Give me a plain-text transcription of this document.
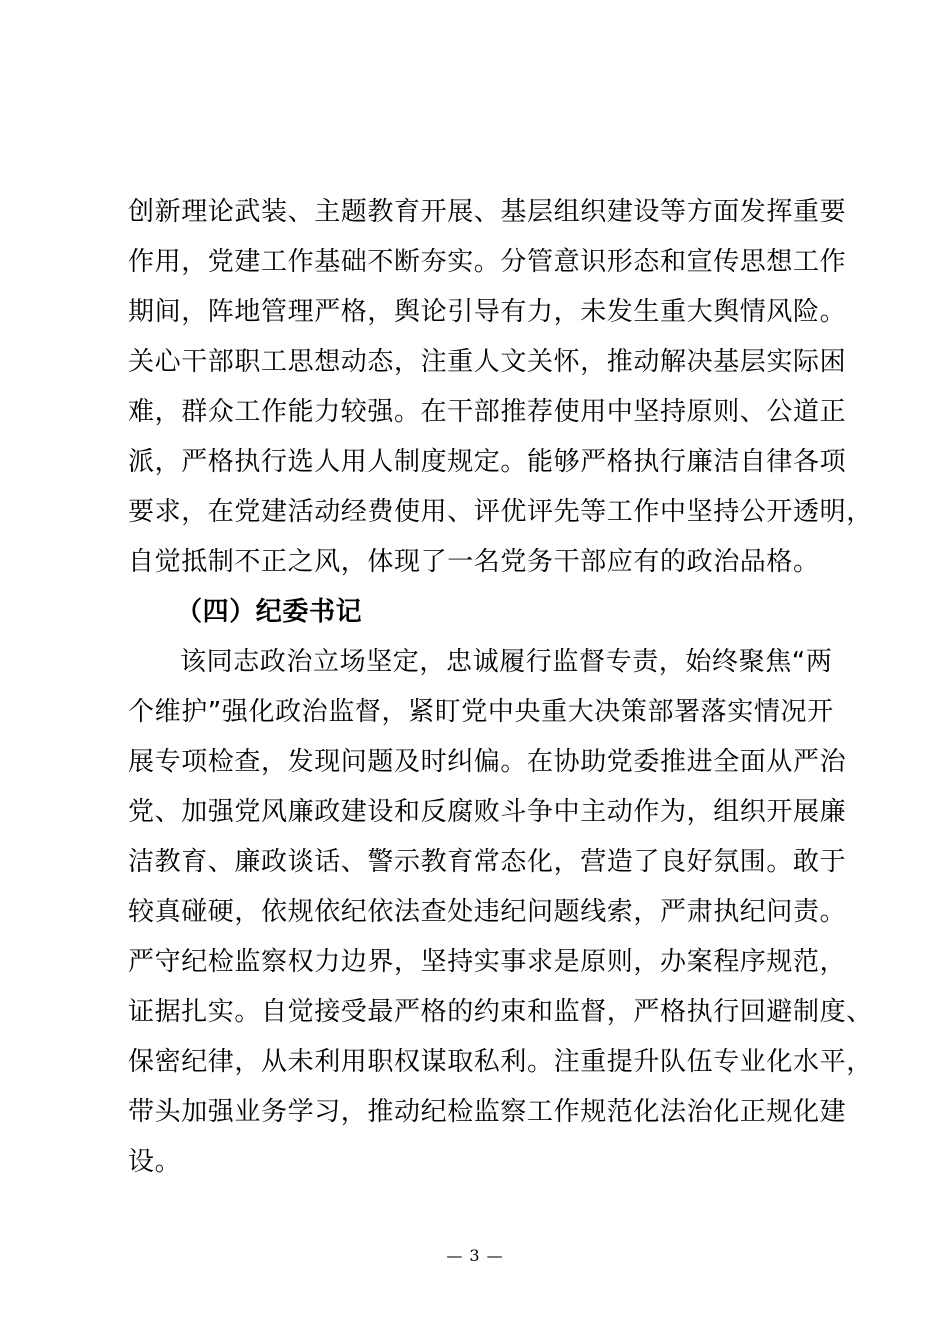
创新理论武装、主题教育开展、基层组织建设等方面发挥重要
作用，党建工作基础不断夯实。分管意识形态和宣传思想工作
期间，阵地管理严格，舆论引导有力，未发生重大舆情风险。
关心干部职工思想动态，注重人文关怀，推动解决基层实际困
难，群众工作能力较强。在干部推荐使用中坚持原则、公道正
派，严格执行选人用人制度规定。能够严格执行廉洁自律各项
要求，在党建活动经费使用、评优评先等工作中坚持公开透明，
自觉抵制不正之风，体现了一名党务干部应有的政治品格。
（四）纪委书记
该同志政治立场坚定，忠诚履行监督专责，始终聚焦“两
个维护”强化政治监督，紧盯党中央重大决策部署落实情况开
展专项检查，发现问题及时纠偏。在协助党委推进全面从严治
党、加强党风廉政建设和反腐败斗争中主动作为，组织开展廉
洁教育、廉政谈话、警示教育常态化，营造了良好氛围。敢于
较真碰硬，依规依纪依法查处违纪问题线索，严肃执纪问责。
严守纪检监察权力边界，坚持实事求是原则，办案程序规范，
证据扎实。自觉接受最严格的约束和监督，严格执行回避制度、
保密纪律，从未利用职权谋取私利。注重提升队伍专业化水平，
带头加强业务学习，推动纪检监察工作规范化法治化正规化建
设。
— 3 —
